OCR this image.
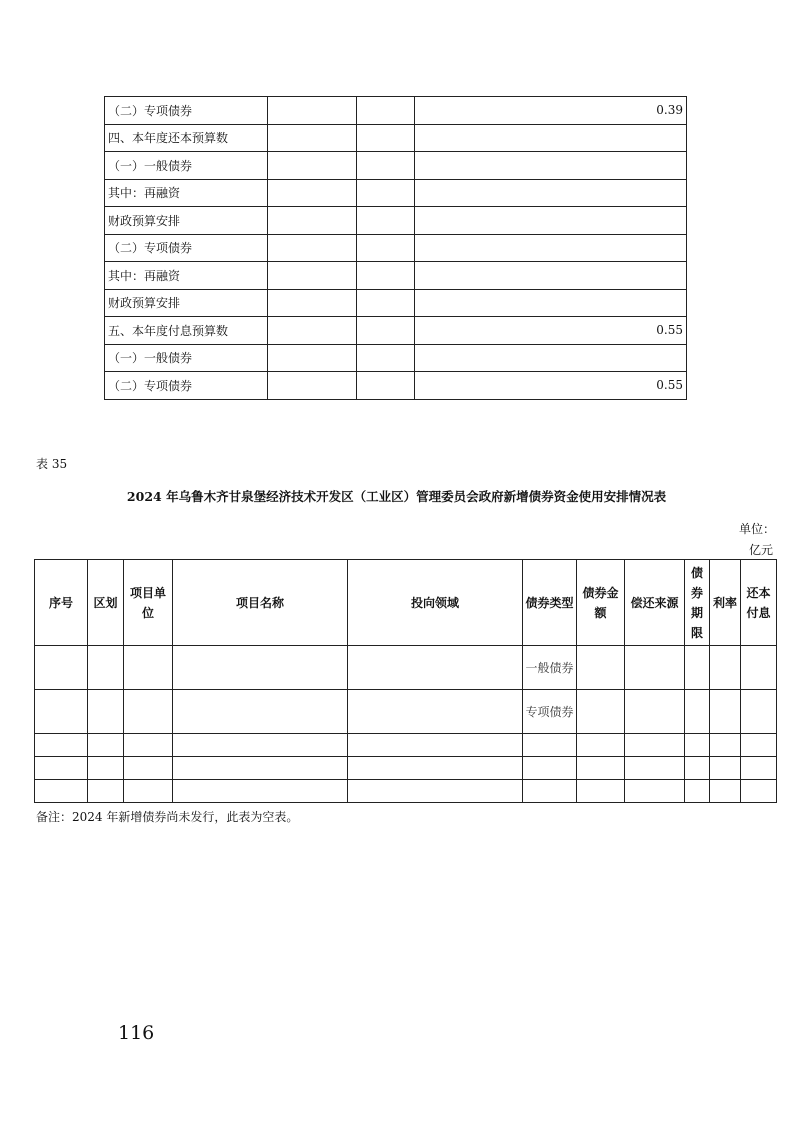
（二）专项债券			0.39
四、本年度还本预算数			
（一）一般债券			
其中：再融资			
财政预算安排			
（二）专项债券			
其中：再融资			
财政预算安排			
五、本年度付息预算数			0.55
（一）一般债券			
（二）专项债券			0.55
表 35
2024 年乌鲁木齐甘泉堡经济技术开发区（工业区）管理委员会政府新增债券资金使用安排情况表
单位：
亿元
序号	区划	项目单位	项目名称	投向领域	债券类型	债券金额	偿还来源	债券期限	利率	还本付息
					一般债券					
					专项债券					

备注：2024 年新增债券尚未发行，此表为空表。
116
